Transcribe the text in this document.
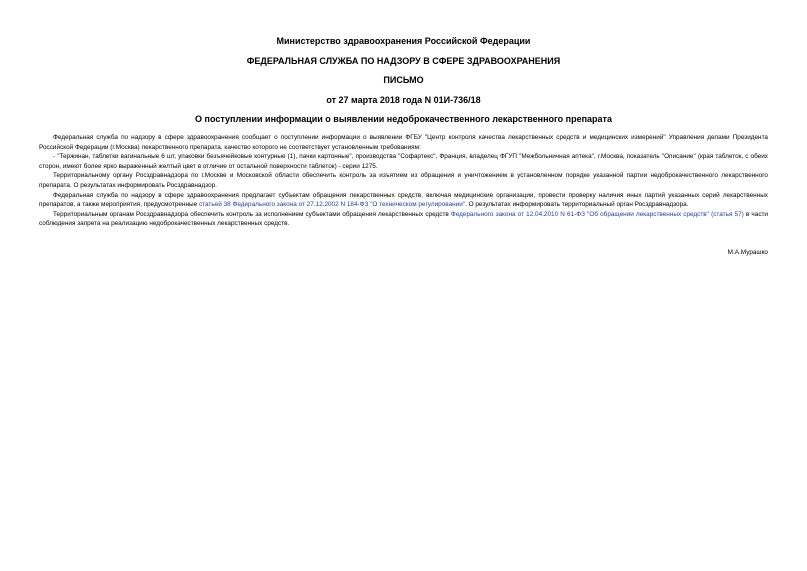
Министерство здравоохранения Российской Федерации
ФЕДЕРАЛЬНАЯ СЛУЖБА ПО НАДЗОРУ В СФЕРЕ ЗДРАВООХРАНЕНИЯ
ПИСЬМО
от 27 марта 2018 года N 01И-736/18
О поступлении информации о выявлении недоброкачественного лекарственного препарата

Федеральная служба по надзору в сфере здравоохранения сообщает о поступлении информации о выявлении ФГБУ "Центр контроля качества лекарственных средств и медицинских измерений" Управления делами Президента Российской Федерации (г.Москва) лекарственного препарата, качество которого не соответствует установленным требованиям:

- "Тержинан, таблетки вагинальные 6 шт, упаковки безъячейковые контурные (1), пачки картонные", производства "Софартекс", Франция, владелец ФГУП "Межбольничная аптека", г.Москва, показатель "Описание" (края таблеток, с обеих сторон, имеют более ярко выраженный желтый цвет в отличие от остальной поверхности таблеток) - серии 1275.

Территориальному органу Росздравнадзора по г.Москве и Московской области обеспечить контроль за изъятием из обращения и уничтожением в установленном порядке указанной партии недоброкачественного лекарственного препарата. О результатах информировать Росздравнадзор.

Федеральная служба по надзору в сфере здравоохранения предлагает субъектам обращения лекарственных средств, включая медицинские организации, провести проверку наличия иных партий указанных серий лекарственных препаратов, а также мероприятия, предусмотренные статьей 38 Федерального закона от 27.12.2002 N 184-ФЗ "О техническом регулировании". О результатах информировать территориальный орган Росздравнадзора.

Территориальным органам Росздравнадзора обеспечить контроль за исполнением субъектами обращения лекарственных средств Федерального закона от 12.04.2010 N 61-ФЗ "Об обращении лекарственных средств" (статья 57) в части соблюдения запрета на реализацию недоброкачественных лекарственных средств.

М.А.Мурашко
